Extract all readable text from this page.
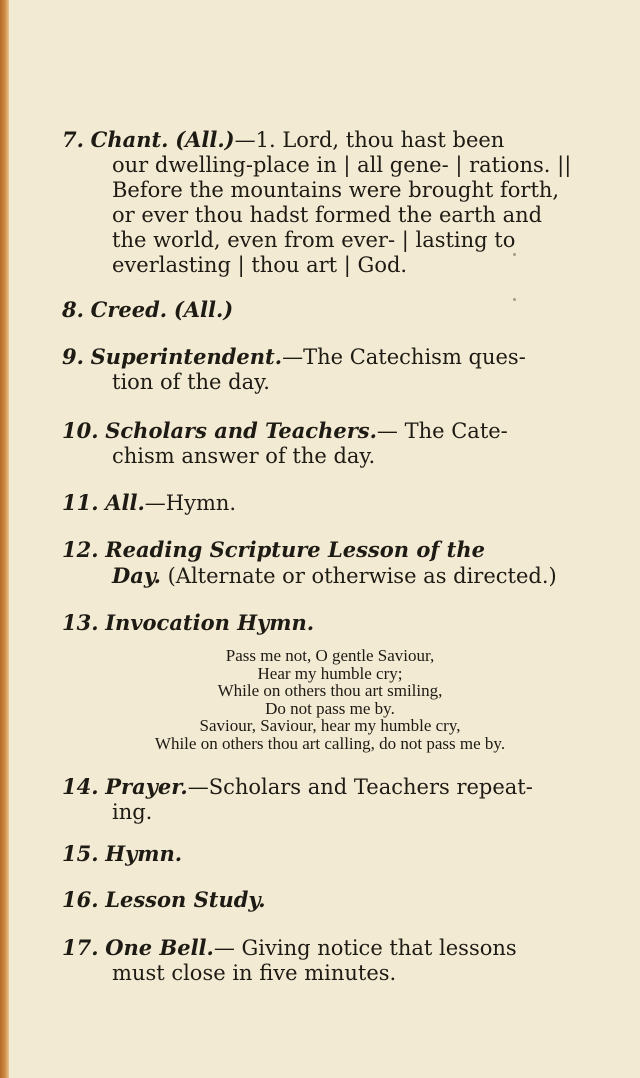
7. Chant. (All.)—1. Lord, thou hast been
our dwelling-place in | all gene- | rations. ||
Before the mountains were brought forth,
or ever thou hadst formed the earth and
the world, even from ever- | lasting to
everlasting | thou art | God.
8. Creed. (All.)
9. Superintendent.—The Catechism ques-
tion of the day.
10. Scholars and Teachers.— The Cate-
chism answer of the day.
11. All.—Hymn.
12. Reading Scripture Lesson of the
Day. (Alternate or otherwise as directed.)
13. Invocation Hymn.
Pass me not, O gentle Saviour,
Hear my humble cry;
While on others thou art smiling,
Do not pass me by.
Saviour, Saviour, hear my humble cry,
While on others thou art calling, do not pass me by.
14. Prayer.—Scholars and Teachers repeat-
ing.
15. Hymn.
16. Lesson Study.
17. One Bell.— Giving notice that lessons
must close in five minutes.
